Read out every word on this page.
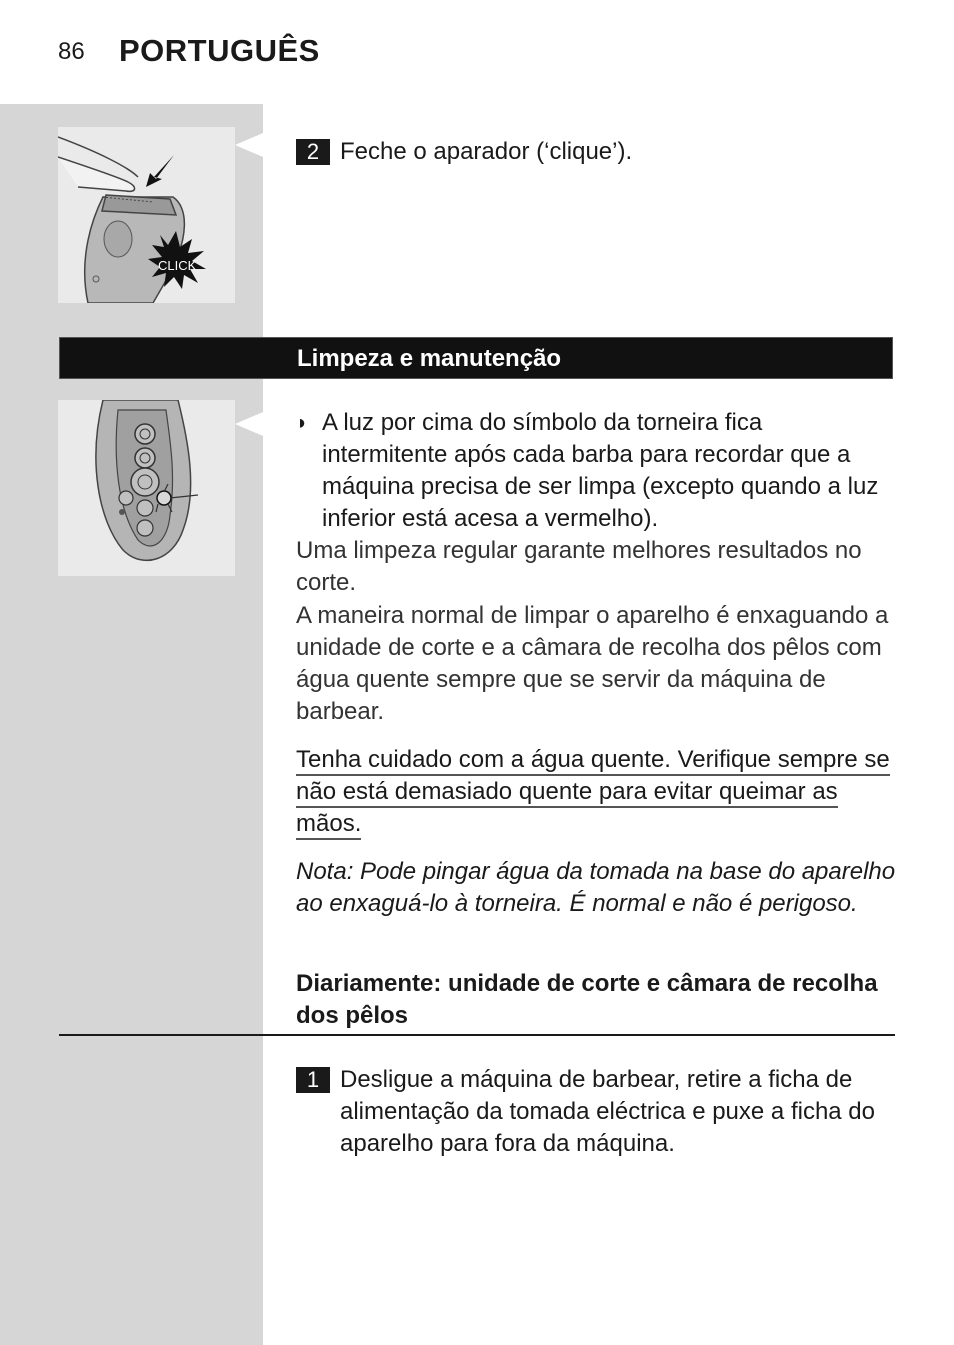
86 PORTUGUÊS
CLICK
2 Feche o aparador (‘clique’).
Limpeza e manutenção
◗ A luz por cima do símbolo da torneira fica intermitente após cada barba para recordar que a máquina precisa de ser limpa (excepto quando a luz inferior está acesa a vermelho).
Uma limpeza regular garante melhores resultados no corte.
A maneira normal de limpar o aparelho é enxaguando a unidade de corte e a câmara de recolha dos pêlos com água quente sempre que se servir da máquina de barbear.
Tenha cuidado com a água quente. Verifique sempre se não está demasiado quente para evitar queimar as mãos.
Nota: Pode pingar água da tomada na base do aparelho ao enxaguá-lo à torneira. É normal e não é perigoso.
Diariamente: unidade de corte e câmara de recolha dos pêlos
1 Desligue a máquina de barbear, retire a ficha de alimentação da tomada eléctrica e puxe a ficha do aparelho para fora da máquina.
